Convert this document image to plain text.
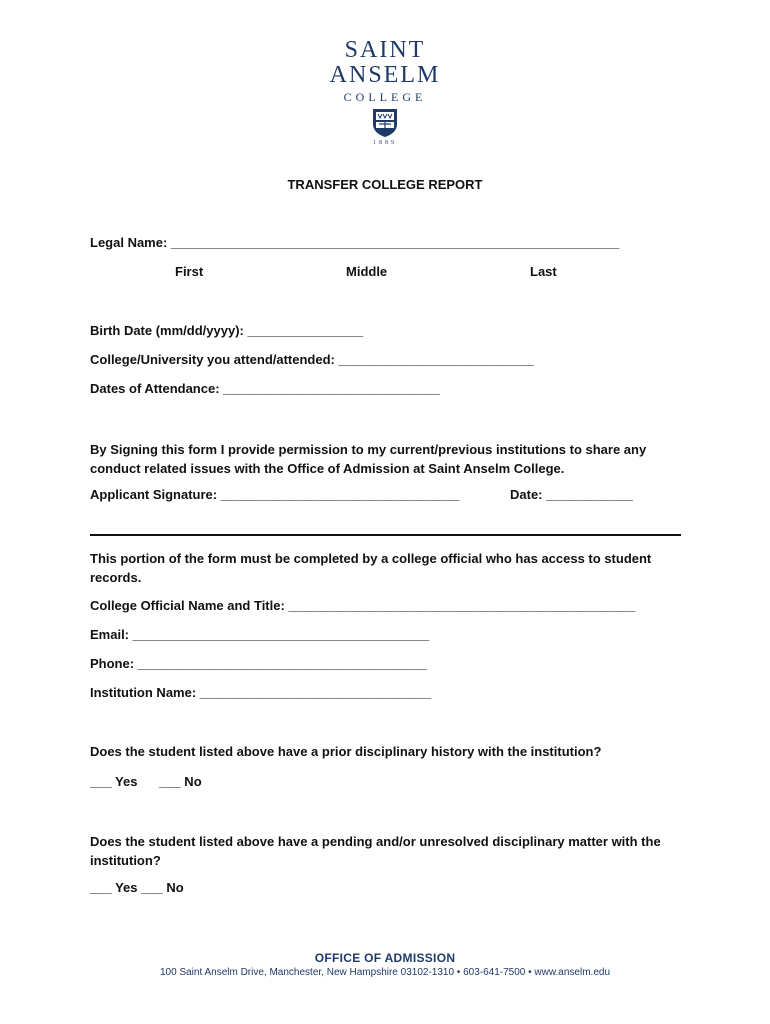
SAINT
ANSELM
COLLEGE
1889
TRANSFER COLLEGE REPORT
Legal Name: ______________________________________________________________
First	Middle	Last
Birth Date (mm/dd/yyyy): ________________
College/University you attend/attended: ___________________________
Dates of Attendance: ______________________________
By Signing this form I provide permission to my current/previous institutions to share any conduct related issues with the Office of Admission at Saint Anselm College.
Applicant Signature: _________________________________	Date: ____________
This portion of the form must be completed by a college official who has access to student records.
College Official Name and Title: ________________________________________________
Email: _________________________________________
Phone: ________________________________________
Institution Name: ________________________________
Does the student listed above have a prior disciplinary history with the institution?
___ Yes ___ No
Does the student listed above have a pending and/or unresolved disciplinary matter with the institution?
___ Yes ___ No
OFFICE OF ADMISSION
100 Saint Anselm Drive, Manchester, New Hampshire 03102-1310 • 603-641-7500 • www.anselm.edu
